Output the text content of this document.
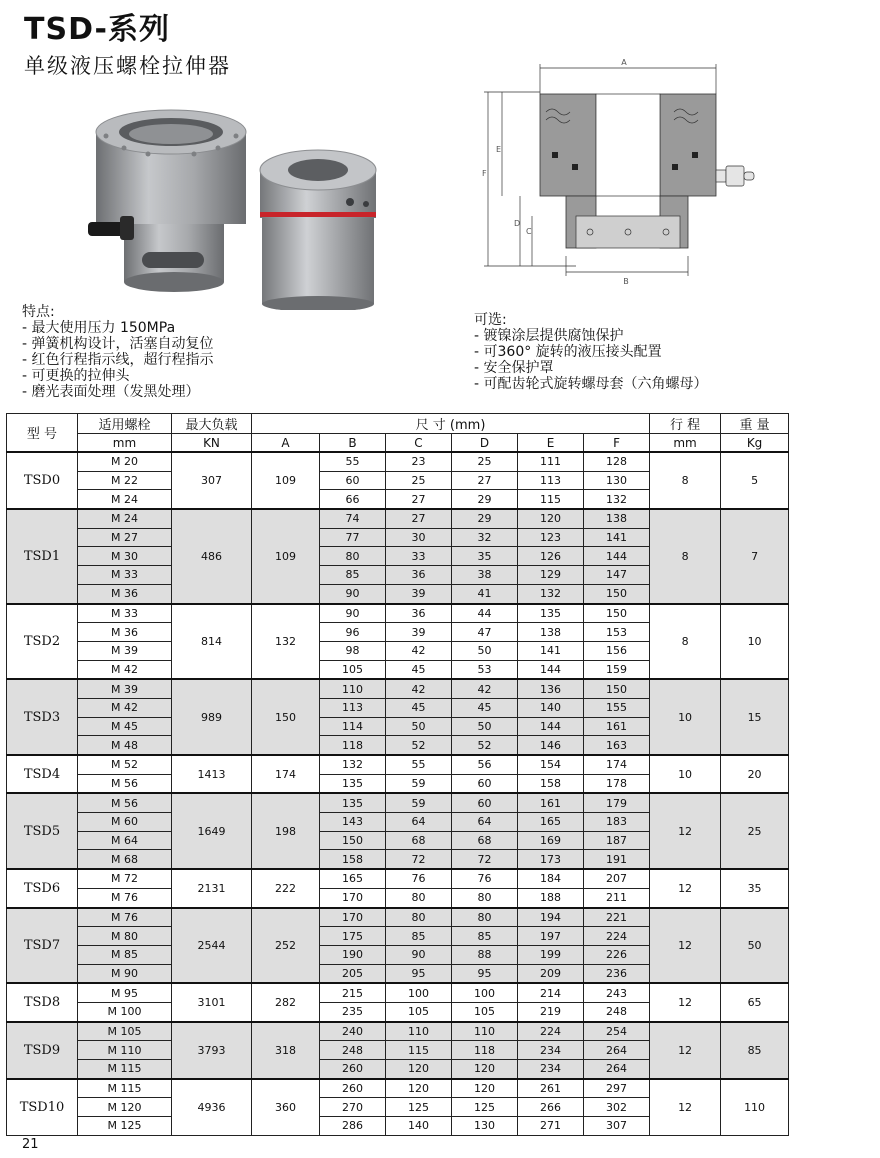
TSD-系列
单级液压螺栓拉伸器	A
B
C
D
E
F
特点:
- 最大使用压力 150MPa
- 弹簧机构设计，活塞自动复位
- 红色行程指示线，超行程指示
- 可更换的拉伸头
- 磨光表面处理（发黑处理）
可选:
- 镀镍涂层提供腐蚀保护
- 可360° 旋转的液压接头配置
- 安全保护罩
- 可配齿轮式旋转螺母套（六角螺母）
型 号	适用螺栓	最大负载	尺 寸 (mm)						行 程	重 量
	mm	KN	A	B	C	D	E	F	mm	Kg
TSD0	M 20	307	109	55	23	25	111	128	8	5
	M 22			60	25	27	113	130		
	M 24			66	27	29	115	132		
TSD1	M 24	486	109	74	27	29	120	138	8	7
	M 27			77	30	32	123	141		
	M 30			80	33	35	126	144		
	M 33			85	36	38	129	147		
	M 36			90	39	41	132	150		
TSD2	M 33	814	132	90	36	44	135	150	8	10
	M 36			96	39	47	138	153		
	M 39			98	42	50	141	156		
	M 42			105	45	53	144	159		
TSD3	M 39	989	150	110	42	42	136	150	10	15
	M 42			113	45	45	140	155		
	M 45			114	50	50	144	161		
	M 48			118	52	52	146	163		
TSD4	M 52	1413	174	132	55	56	154	174	10	20
	M 56			135	59	60	158	178		
TSD5	M 56	1649	198	135	59	60	161	179	12	25
	M 60			143	64	64	165	183		
	M 64			150	68	68	169	187		
	M 68			158	72	72	173	191		
TSD6	M 72	2131	222	165	76	76	184	207	12	35
	M 76			170	80	80	188	211		
TSD7	M 76	2544	252	170	80	80	194	221	12	50
	M 80			175	85	85	197	224		
	M 85			190	90	88	199	226		
	M 90			205	95	95	209	236		
TSD8	M 95	3101	282	215	100	100	214	243	12	65
	M 100			235	105	105	219	248		
TSD9	M 105	3793	318	240	110	110	224	254	12	85
	M 110			248	115	118	234	264		
	M 115			260	120	120	234	264		
TSD10	M 115	4936	360	260	120	120	261	297	12	110
	M 120			270	125	125	266	302		
	M 125			286	140	130	271	307		
21
